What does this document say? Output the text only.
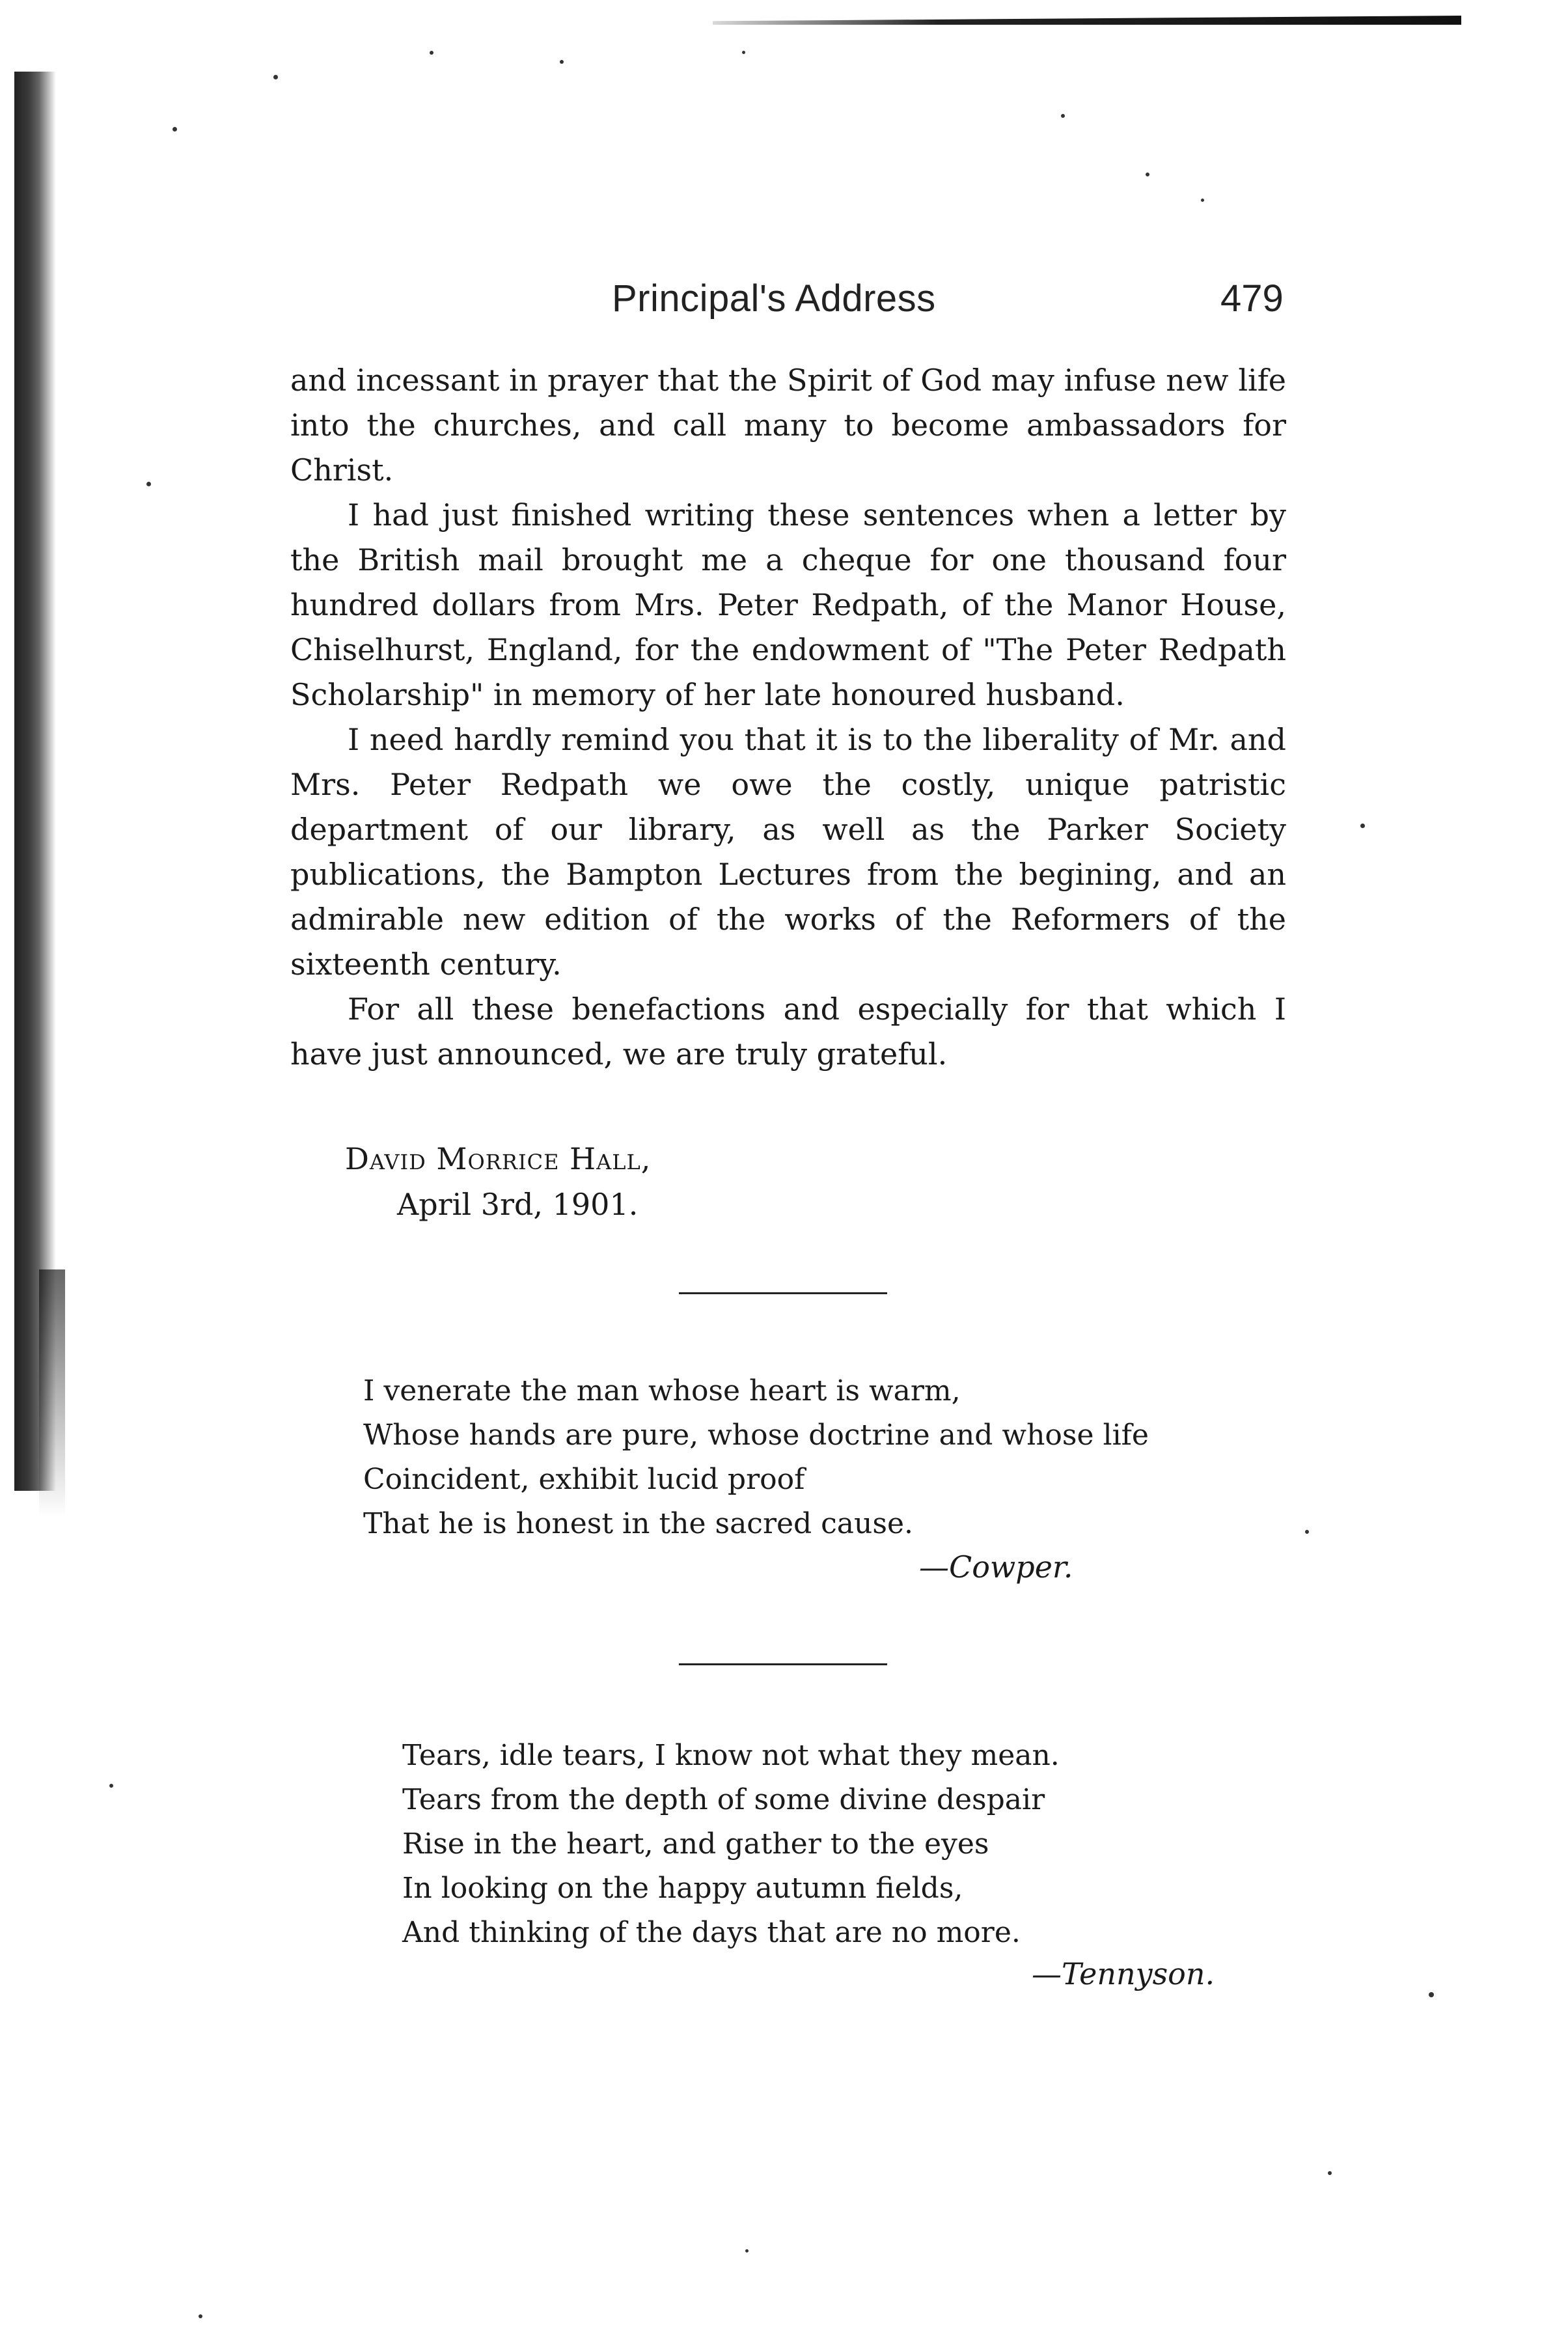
Principal's Address	479

and incessant in prayer that the Spirit of God may infuse new life into the churches, and call many to become ambassadors for Christ.

I had just finished writing these sentences when a letter by the British mail brought me a cheque for one thousand four hundred dollars from Mrs. Peter Redpath, of the Manor House, Chiselhurst, England, for the endowment of "The Peter Redpath Scholarship" in memory of her late honoured husband.

I need hardly remind you that it is to the liberality of Mr. and Mrs. Peter Redpath we owe the costly, unique patristic department of our library, as well as the Parker Society publications, the Bampton Lectures from the begining, and an admirable new edition of the works of the Reformers of the sixteenth century.

For all these benefactions and especially for that which I have just announced, we are truly grateful.

David Morrice Hall,
April 3rd, 1901.
I venerate the man whose heart is warm,
Whose hands are pure, whose doctrine and whose life
Coincident, exhibit lucid proof
That he is honest in the sacred cause.
—Cowper.
Tears, idle tears, I know not what they mean.
Tears from the depth of some divine despair
Rise in the heart, and gather to the eyes
In looking on the happy autumn fields,
And thinking of the days that are no more.
—Tennyson.
